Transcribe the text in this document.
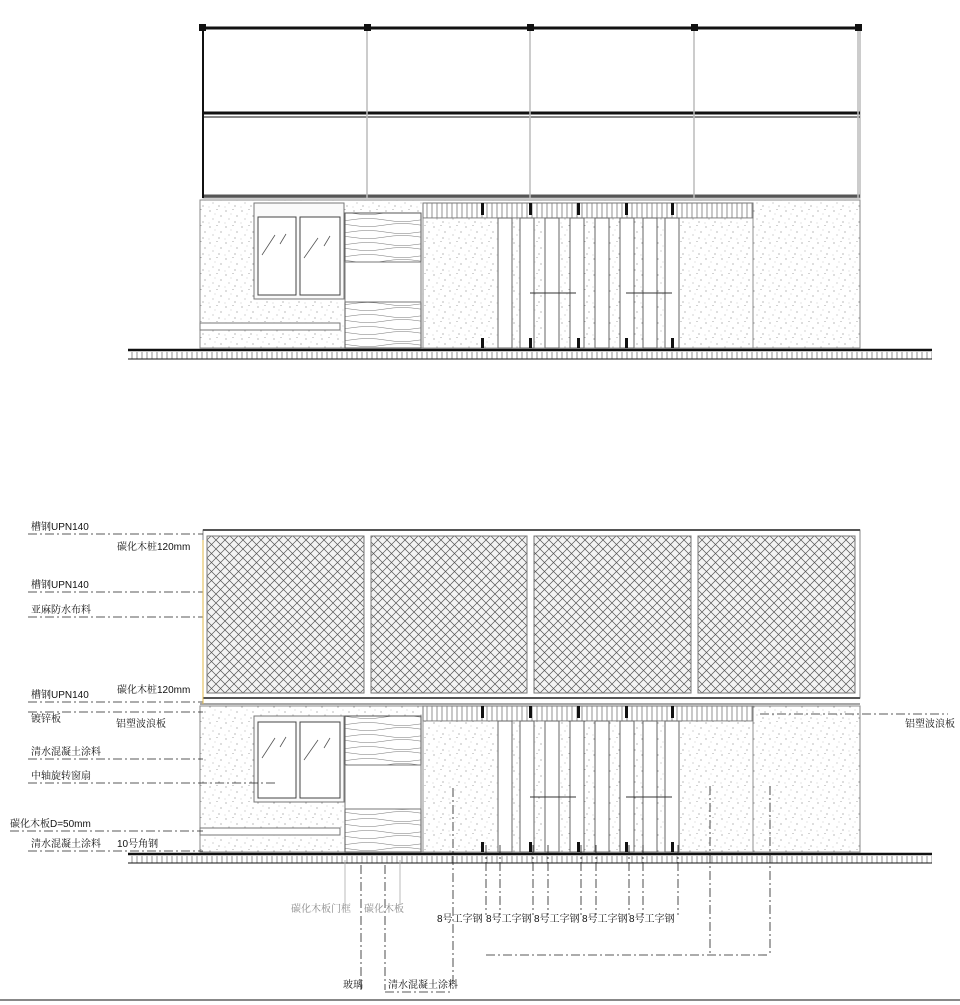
槽钢UPN140
碳化木桩120mm
槽钢UPN140
亚麻防水布料
碳化木桩120mm
槽钢UPN140
镀锌板	铝塑波浪板
清水混凝土涂料
中轴旋转窗扇
碳化木板D=50mm
清水混凝土涂料 10号角钢
铝塑波浪板
碳化木板门框 碳化木板
8号工字钢 8号工字钢 8号工字钢 8号工字钢 8号工字钢
玻璃	清水混凝土涂料
